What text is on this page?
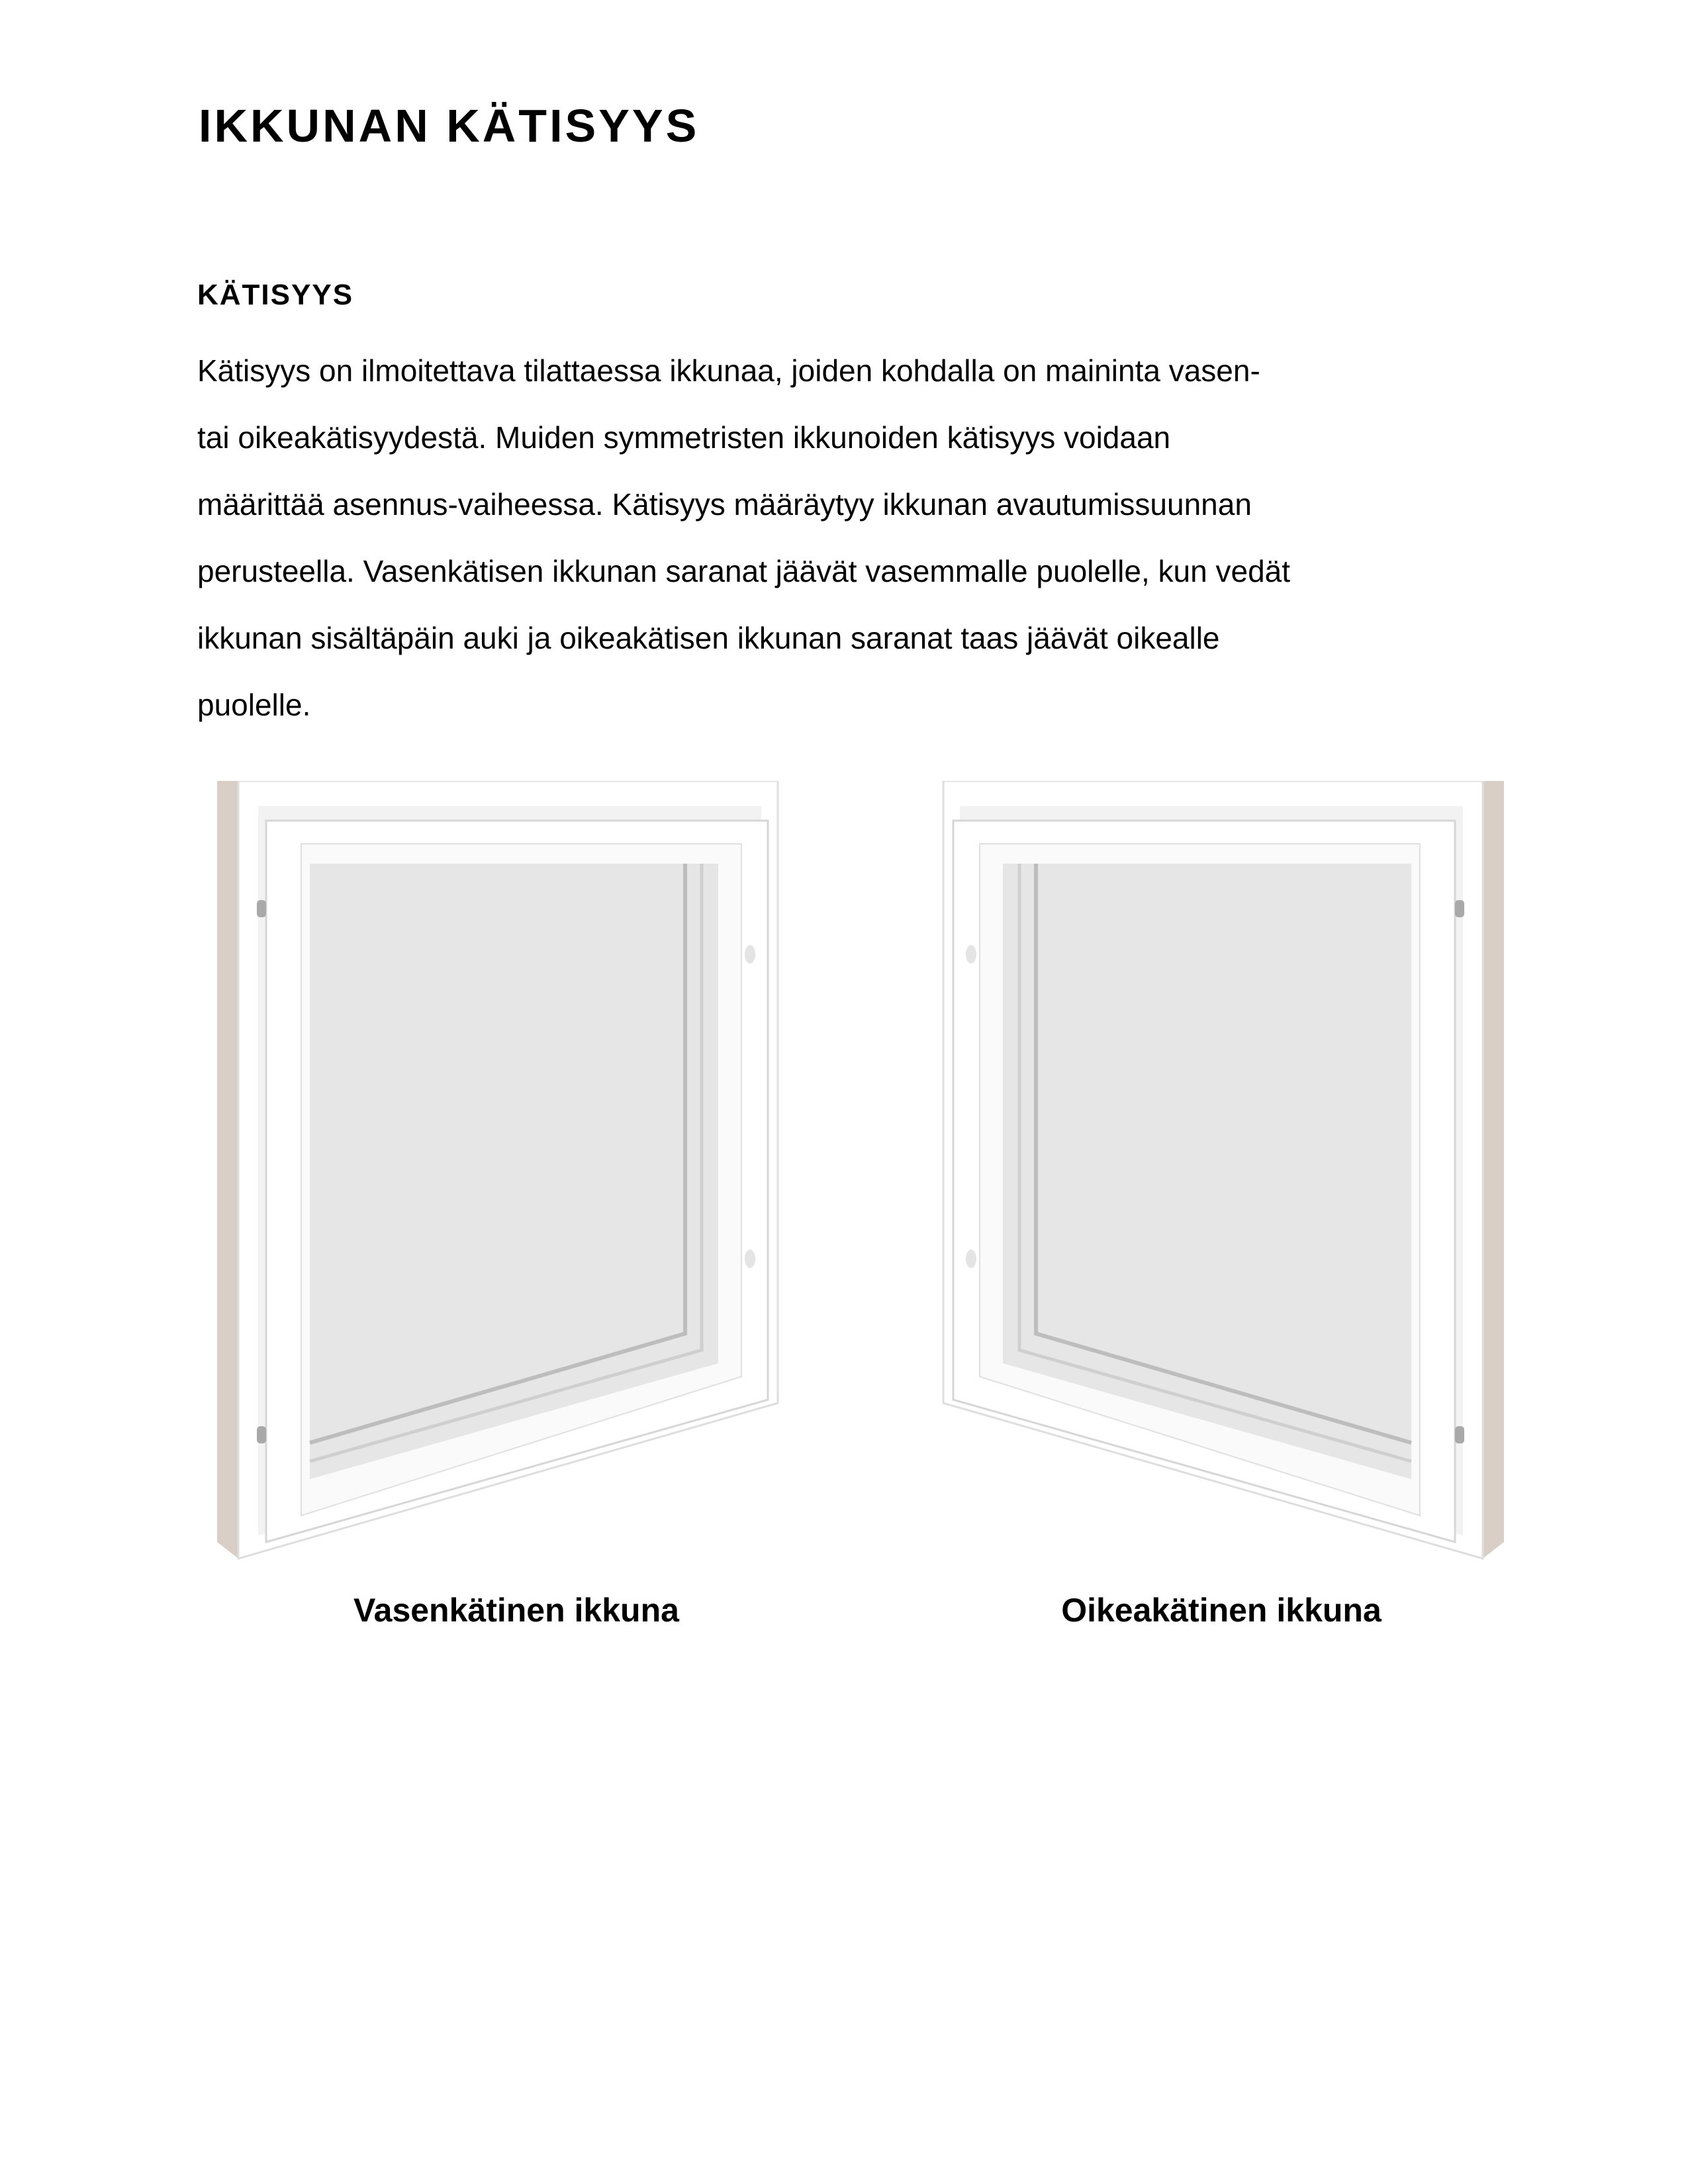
IKKUNAN KÄTISYYS
KÄTISYYS
Kätisyys on ilmoitettava tilattaessa ikkunaa, joiden kohdalla on maininta vasen-
tai oikeakätisyydestä. Muiden symmetristen ikkunoiden kätisyys voidaan
määrittää asennus-vaiheessa. Kätisyys määräytyy ikkunan avautumissuunnan
perusteella. Vasenkätisen ikkunan saranat jäävät vasemmalle puolelle, kun vedät
ikkunan sisältäpäin auki ja oikeakätisen ikkunan saranat taas jäävät oikealle
puolelle.

Vasenkätinen ikkuna	Oikeakätinen ikkuna
